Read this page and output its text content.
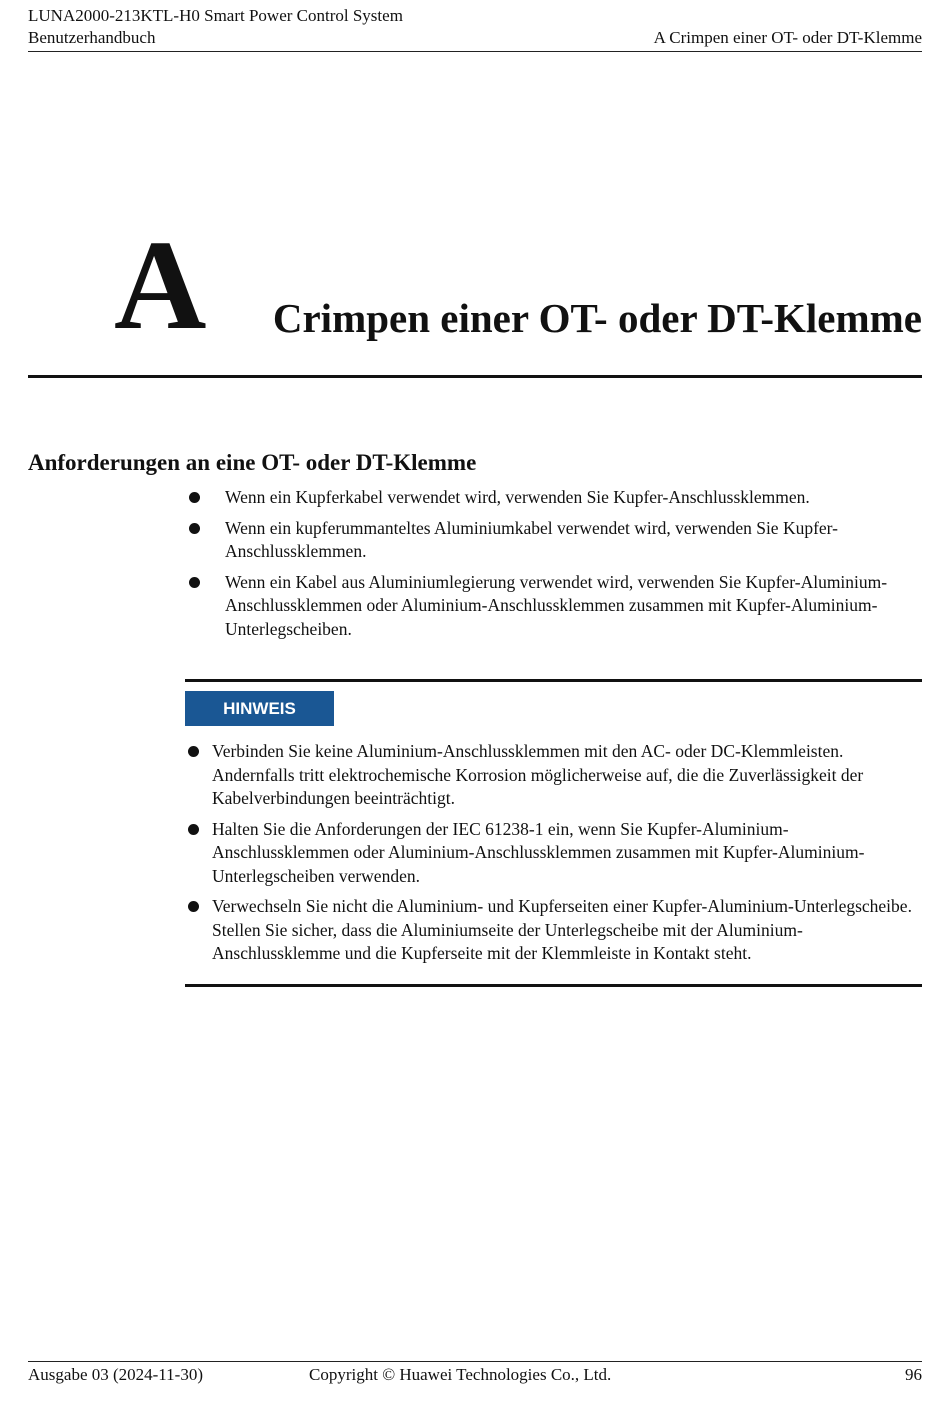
LUNA2000-213KTL-H0 Smart Power Control System
Benutzerhandbuch	A Crimpen einer OT- oder DT-Klemme
A Crimpen einer OT- oder DT-Klemme
Anforderungen an eine OT- oder DT-Klemme
Wenn ein Kupferkabel verwendet wird, verwenden Sie Kupfer-Anschlussklemmen.
Wenn ein kupferummanteltes Aluminiumkabel verwendet wird, verwenden Sie Kupfer-Anschlussklemmen.
Wenn ein Kabel aus Aluminiumlegierung verwendet wird, verwenden Sie Kupfer-Aluminium-Anschlussklemmen oder Aluminium-Anschlussklemmen zusammen mit Kupfer-Aluminium-Unterlegscheiben.
HINWEIS
Verbinden Sie keine Aluminium-Anschlussklemmen mit den AC- oder DC-Klemmleisten. Andernfalls tritt elektrochemische Korrosion möglicherweise auf, die die Zuverlässigkeit der Kabelverbindungen beeinträchtigt.
Halten Sie die Anforderungen der IEC 61238-1 ein, wenn Sie Kupfer-Aluminium-Anschlussklemmen oder Aluminium-Anschlussklemmen zusammen mit Kupfer-Aluminium-Unterlegscheiben verwenden.
Verwechseln Sie nicht die Aluminium- und Kupferseiten einer Kupfer-Aluminium-Unterlegscheibe. Stellen Sie sicher, dass die Aluminiumseite der Unterlegscheibe mit der Aluminium-Anschlussklemme und die Kupferseite mit der Klemmleiste in Kontakt steht.
Ausgabe 03 (2024-11-30)	Copyright © Huawei Technologies Co., Ltd.	96
